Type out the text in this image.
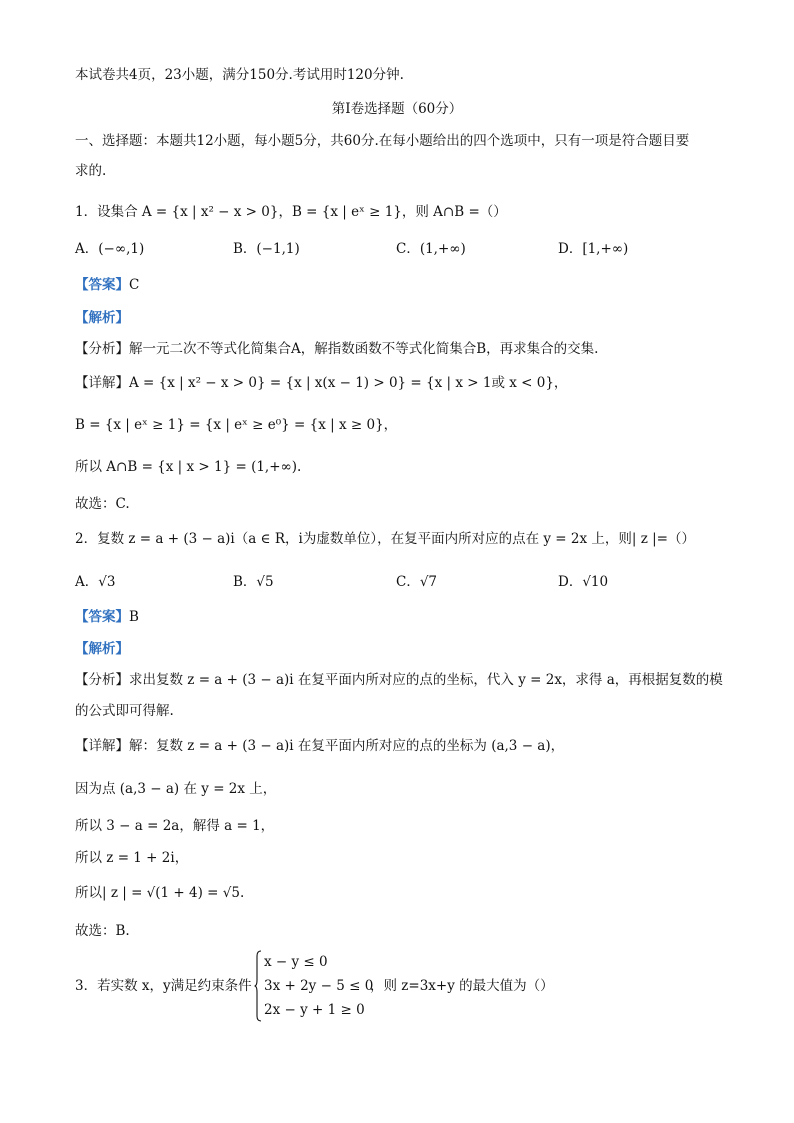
本试卷共4页，23小题，满分150分.考试用时120分钟.
第Ⅰ卷选择题（60分）
一、选择题：本题共12小题，每小题5分，共60分.在每小题给出的四个选项中，只有一项是符合题目要
求的.
1．设集合 A = {x | x² − x > 0}，B = {x | eˣ ≥ 1}，则 A∩B =（）
A．(−∞,1)	B．(−1,1)	C．(1,+∞)	D．[1,+∞)
【答案】C
【解析】
【分析】解一元二次不等式化简集合A，解指数函数不等式化简集合B，再求集合的交集.
【详解】A = {x | x² − x > 0} = {x | x(x − 1) > 0} = {x | x > 1或 x < 0}，
B = {x | eˣ ≥ 1} = {x | eˣ ≥ e⁰} = {x | x ≥ 0}，
所以 A∩B = {x | x > 1} = (1,+∞).
故选：C.
2．复数 z = a + (3 − a)i（a ∈ R，i为虚数单位），在复平面内所对应的点在 y = 2x 上，则| z |=（）
A．√3	B．√5	C．√7	D．√10
【答案】B
【解析】
【分析】求出复数 z = a + (3 − a)i 在复平面内所对应的点的坐标，代入 y = 2x，求得 a，再根据复数的模
的公式即可得解.
【详解】解：复数 z = a + (3 − a)i 在复平面内所对应的点的坐标为 (a,3 − a)，
因为点 (a,3 − a) 在 y = 2x 上，
所以 3 − a = 2a，解得 a = 1，
所以 z = 1 + 2i，
所以| z | = √(1 + 4) = √5.
故选：B.
3．若实数 x，y满足约束条件
x − y ≤ 0
3x + 2y − 5 ≤ 0
2x − y + 1 ≥ 0
，则 z=3x+y 的最大值为（）
